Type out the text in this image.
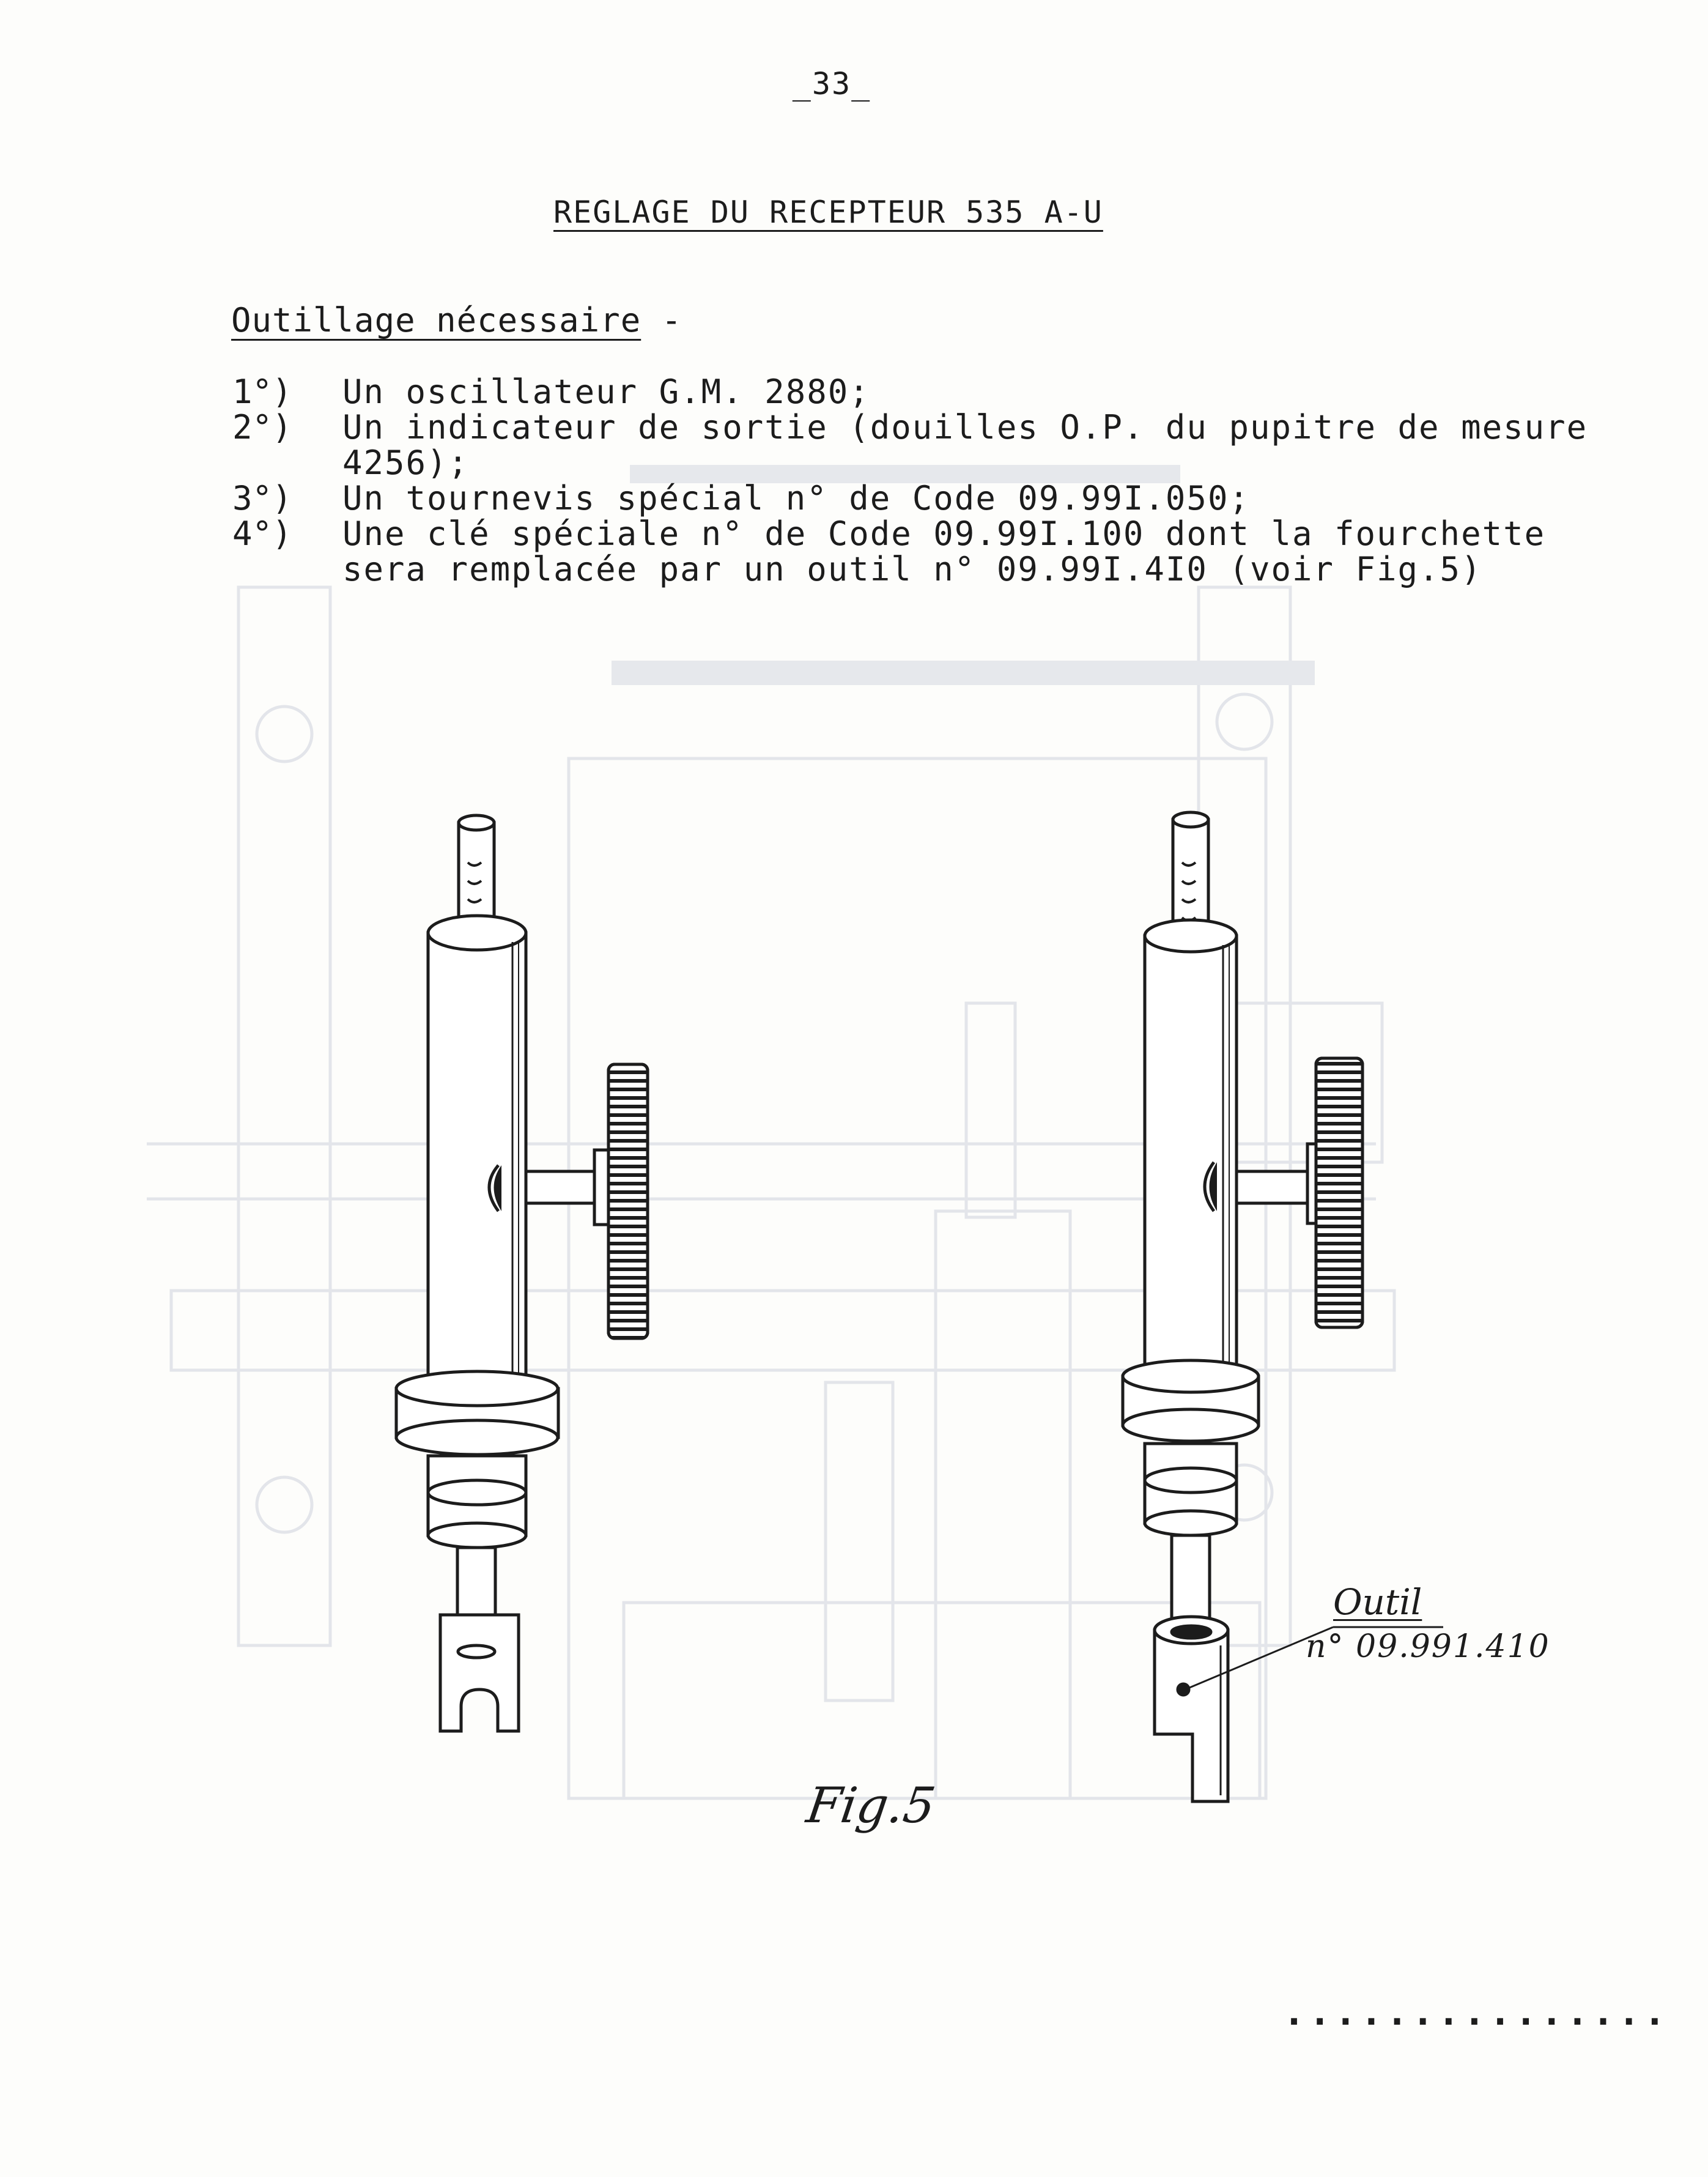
_33_
REGLAGE DU RECEPTEUR 535 A-U
Outillage nécessaire -
1°)	Un oscillateur G.M. 2880;
2°)	Un indicateur de sortie (douilles O.P. du pupitre de mesure
4256);
3°)	Un tournevis spécial n° de Code 09.99I.050;
4°)	Une clé spéciale n° de Code 09.99I.100 dont la fourchette
sera remplacée par un outil n° 09.99I.4I0 (voir Fig.5)
Outil
n° 09.991.410
Fig.5
...............
